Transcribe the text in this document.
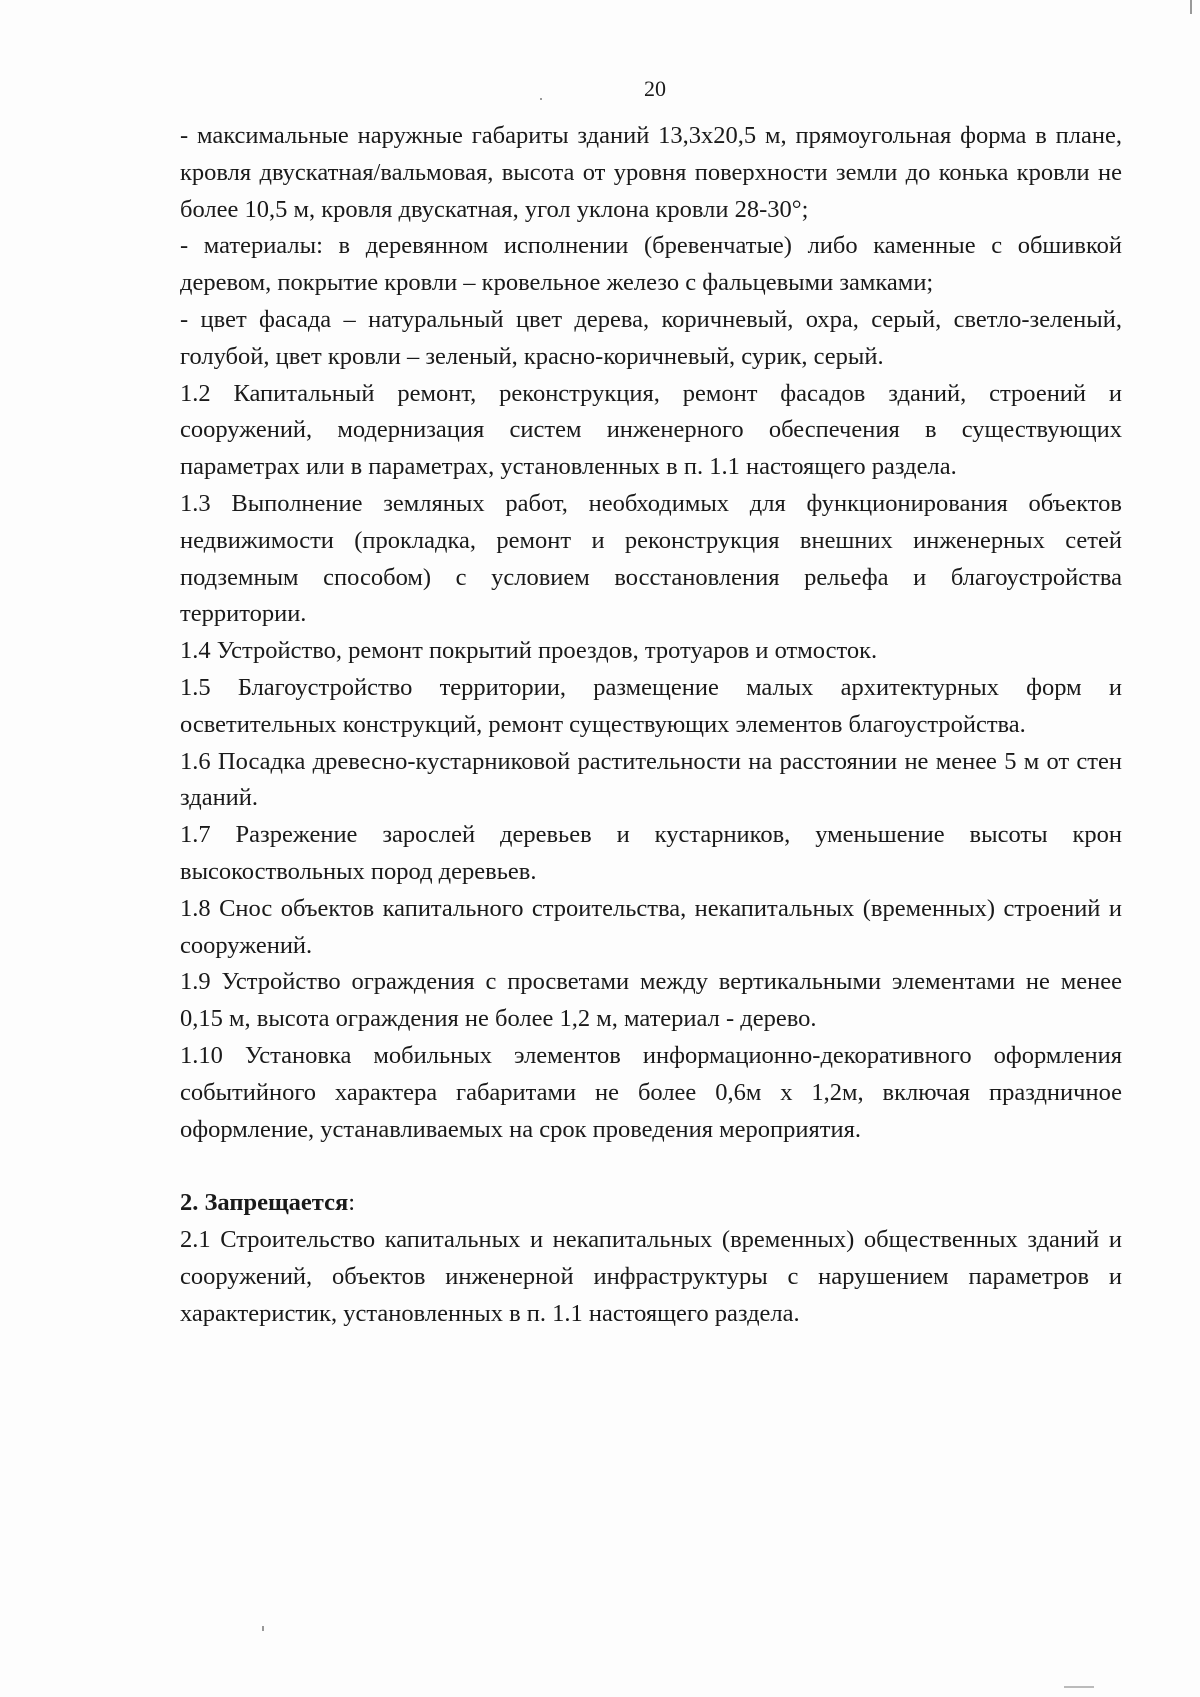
20

- максимальные наружные габариты зданий 13,3х20,5 м, прямоугольная форма в плане, кровля двускатная/вальмовая, высота от уровня поверхности земли до конька кровли не более 10,5 м, кровля двускатная, угол уклона кровли 28-30°;

- материалы: в деревянном исполнении (бревенчатые) либо каменные с обшивкой деревом, покрытие кровли – кровельное железо с фальцевыми замками;

- цвет фасада – натуральный цвет дерева, коричневый, охра, серый, светло-зеленый, голубой, цвет кровли – зеленый, красно-коричневый, сурик, серый.

1.2 Капитальный ремонт, реконструкция, ремонт фасадов зданий, строений и сооружений, модернизация систем инженерного обеспечения в существующих параметрах или в параметрах, установленных в п. 1.1 настоящего раздела.

1.3 Выполнение земляных работ, необходимых для функционирования объектов недвижимости (прокладка, ремонт и реконструкция внешних инженерных сетей подземным способом) с условием восстановления рельефа и благоустройства территории.

1.4 Устройство, ремонт покрытий проездов, тротуаров и отмосток.

1.5 Благоустройство территории, размещение малых архитектурных форм и осветительных конструкций, ремонт существующих элементов благоустройства.

1.6 Посадка древесно-кустарниковой растительности на расстоянии не менее 5 м от стен зданий.

1.7 Разрежение зарослей деревьев и кустарников, уменьшение высоты крон высокоствольных пород деревьев.

1.8 Снос объектов капитального строительства, некапитальных (временных) строений и сооружений.

1.9 Устройство ограждения с просветами между вертикальными элементами не менее 0,15 м, высота ограждения не более 1,2 м, материал - дерево.

1.10 Установка мобильных элементов информационно-декоративного оформления событийного характера габаритами не более 0,6м х 1,2м, включая праздничное оформление, устанавливаемых на срок проведения мероприятия.

2. Запрещается:

2.1 Строительство капитальных и некапитальных (временных) общественных зданий и сооружений, объектов инженерной инфраструктуры с нарушением параметров и характеристик, установленных в п. 1.1 настоящего раздела.
